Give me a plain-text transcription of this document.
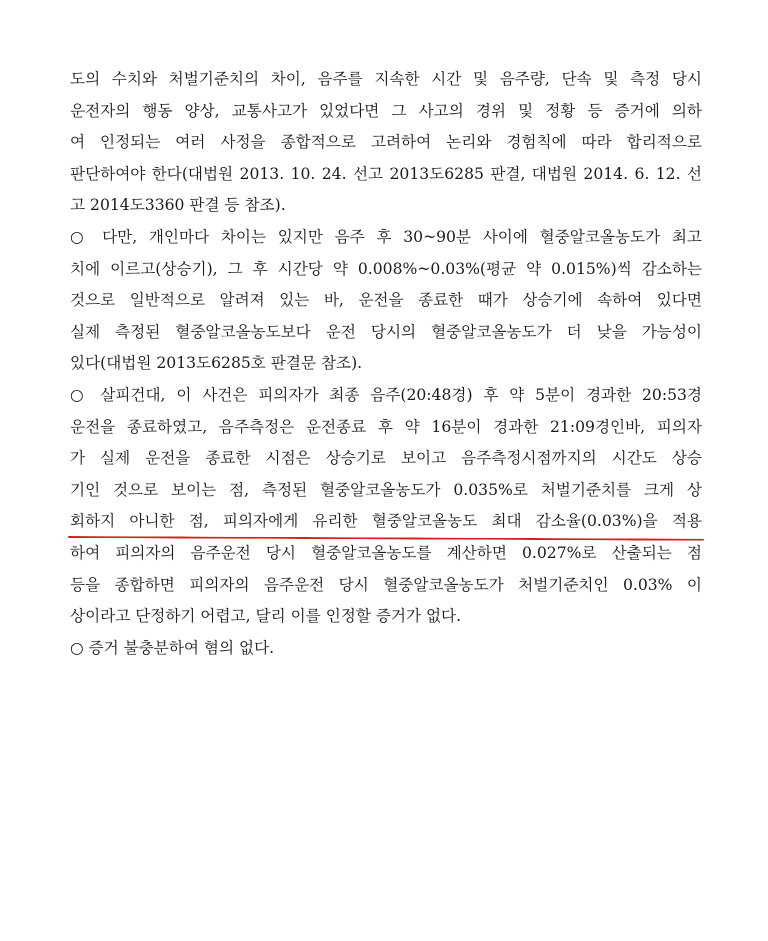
도의 수치와 처벌기준치의 차이, 음주를 지속한 시간 및 음주량, 단속 및 측정 당시
운전자의 행동 양상, 교통사고가 있었다면 그 사고의 경위 및 정황 등 증거에 의하
여 인정되는 여러 사정을 종합적으로 고려하여 논리와 경험칙에 따라 합리적으로
판단하여야 한다(대법원 2013. 10. 24. 선고 2013도6285 판결, 대법원 2014. 6. 12. 선
고 2014도3360 판결 등 참조).
○ 다만, 개인마다 차이는 있지만 음주 후 30~90분 사이에 혈중알코올농도가 최고
치에 이르고(상승기), 그 후 시간당 약 0.008%~0.03%(평균 약 0.015%)씩 감소하는
것으로 일반적으로 알려져 있는 바, 운전을 종료한 때가 상승기에 속하여 있다면
실제 측정된 혈중알코올농도보다 운전 당시의 혈중알코올농도가 더 낮을 가능성이
있다(대법원 2013도6285호 판결문 참조).
○ 살피건대, 이 사건은 피의자가 최종 음주(20:48경) 후 약 5분이 경과한 20:53경
운전을 종료하였고, 음주측정은 운전종료 후 약 16분이 경과한 21:09경인바, 피의자
가 실제 운전을 종료한 시점은 상승기로 보이고 음주측정시점까지의 시간도 상승
기인 것으로 보이는 점, 측정된 혈중알코올농도가 0.035%로 처벌기준치를 크게 상
회하지 아니한 점, 피의자에게 유리한 혈중알코올농도 최대 감소율(0.03%)을 적용
하여 피의자의 음주운전 당시 혈중알코올농도를 계산하면 0.027%로 산출되는 점
등을 종합하면 피의자의 음주운전 당시 혈중알코올농도가 처벌기준치인 0.03% 이
상이라고 단정하기 어렵고, 달리 이를 인정할 증거가 없다.
○ 증거 불충분하여 혐의 없다.
